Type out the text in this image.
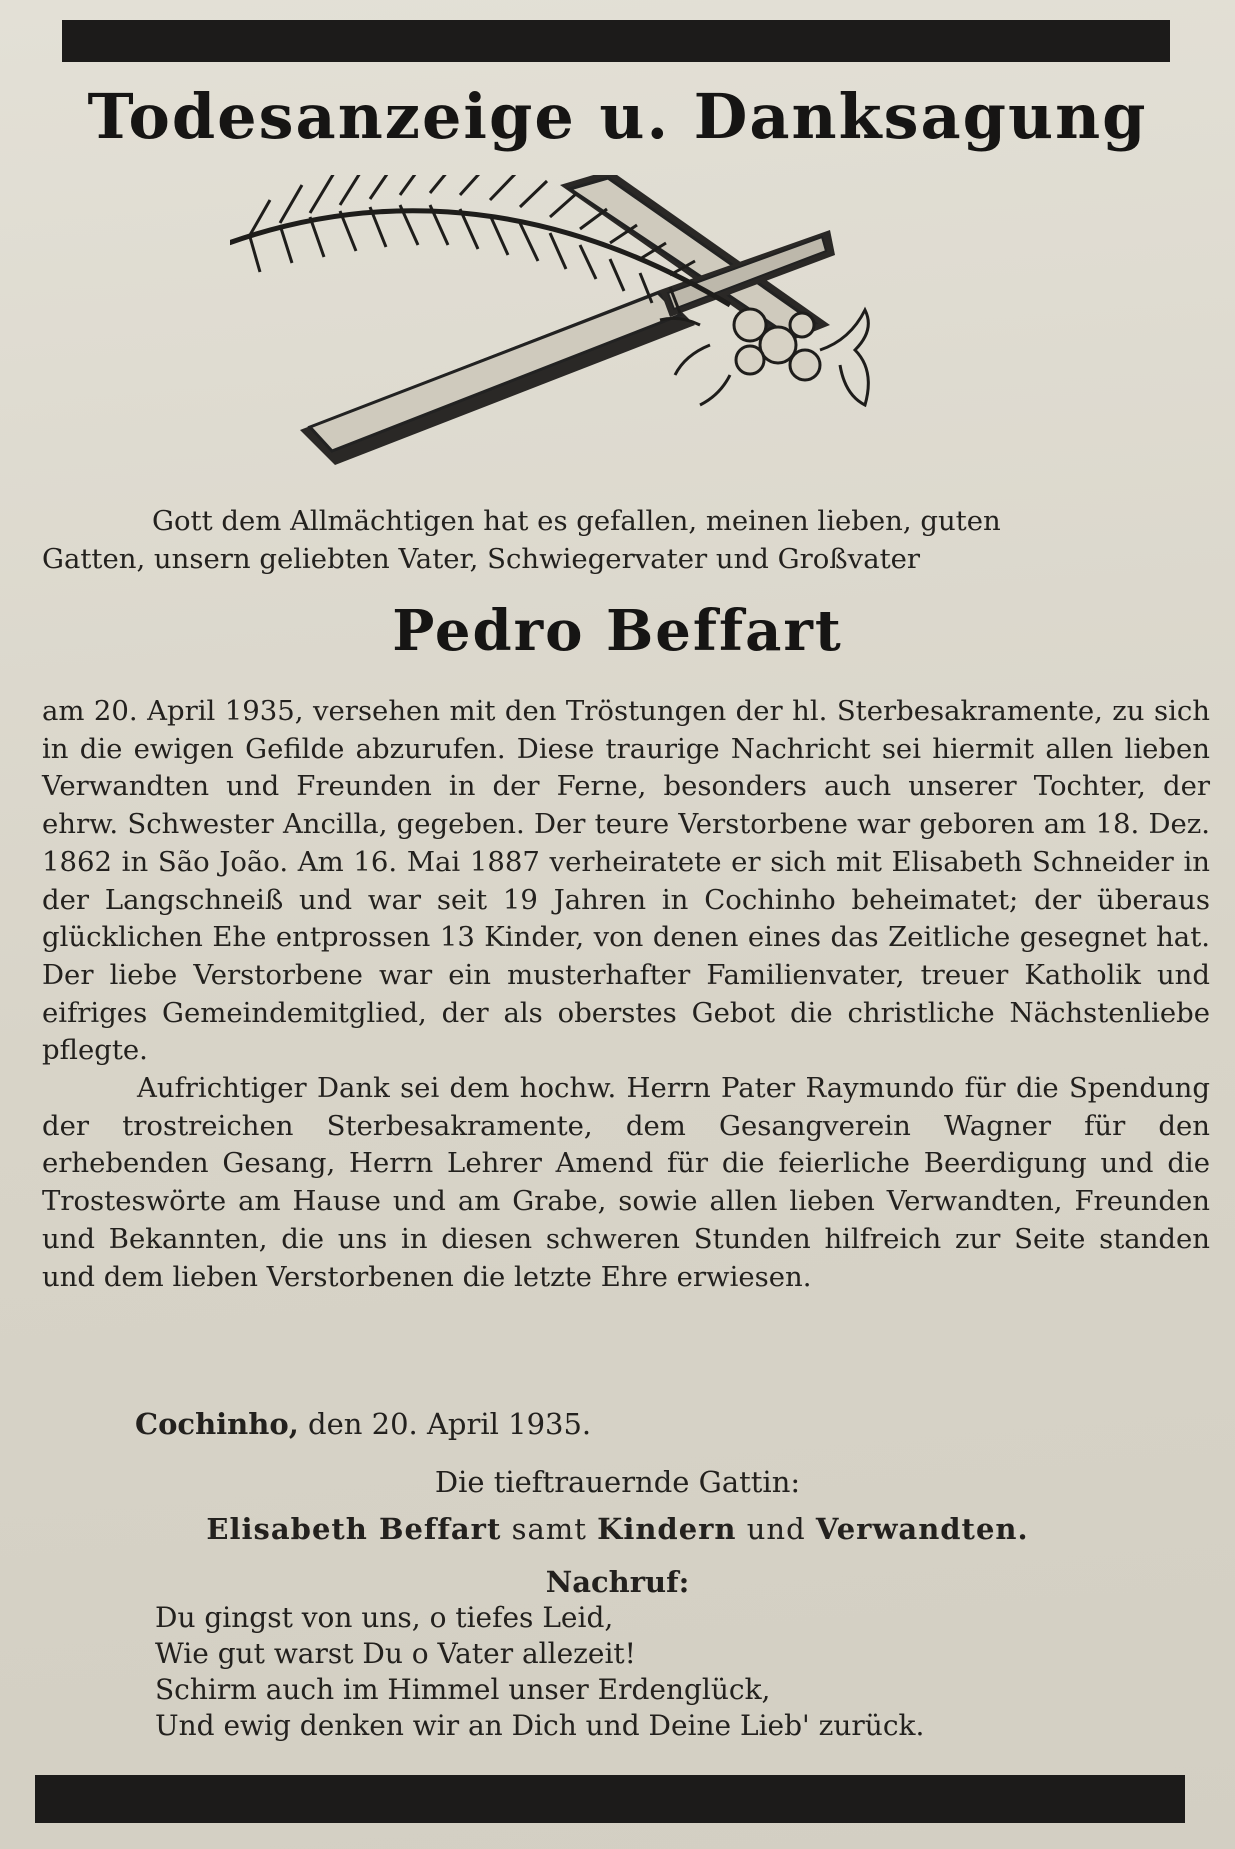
Todesanzeige u. Danksagung

Gott dem Allmächtigen hat es gefallen, meinen lieben, guten

Gatten, unsern geliebten Vater, Schwiegervater und Großvater

Pedro Beffart

am 20. April 1935, versehen mit den Tröstungen der hl. Sterbesakramente, zu sich in die ewigen Gefilde abzurufen. Diese traurige Nachricht sei hiermit allen lieben Verwandten und Freunden in der Ferne, besonders auch unserer Tochter, der ehrw. Schwester Ancilla, gegeben. Der teure Verstorbene war geboren am 18. Dez. 1862 in São João. Am 16. Mai 1887 verheiratete er sich mit Elisabeth Schneider in der Langschneiß und war seit 19 Jahren in Cochinho beheimatet; der überaus glücklichen Ehe entprossen 13 Kinder, von denen eines das Zeitliche gesegnet hat. Der liebe Verstorbene war ein musterhafter Familienvater, treuer Katholik und eifriges Gemeindemitglied, der als oberstes Gebot die christliche Nächstenliebe pflegte.

Aufrichtiger Dank sei dem hochw. Herrn Pater Raymundo für die Spendung der trostreichen Sterbesakramente, dem Gesangverein Wagner für den erhebenden Gesang, Herrn Lehrer Amend für die feierliche Beerdigung und die Trosteswörte am Hause und am Grabe, sowie allen lieben Verwandten, Freunden und Bekannten, die uns in diesen schweren Stunden hilfreich zur Seite standen und dem lieben Verstorbenen die letzte Ehre erwiesen.

Cochinho, den 20. April 1935.
Die tieftrauernde Gattin:
Elisabeth Beffart samt Kindern und Verwandten.
Nachruf:
Du gingst von uns, o tiefes Leid,
Wie gut warst Du o Vater allezeit!
Schirm auch im Himmel unser Erdenglück,
Und ewig denken wir an Dich und Deine Lieb' zurück.
